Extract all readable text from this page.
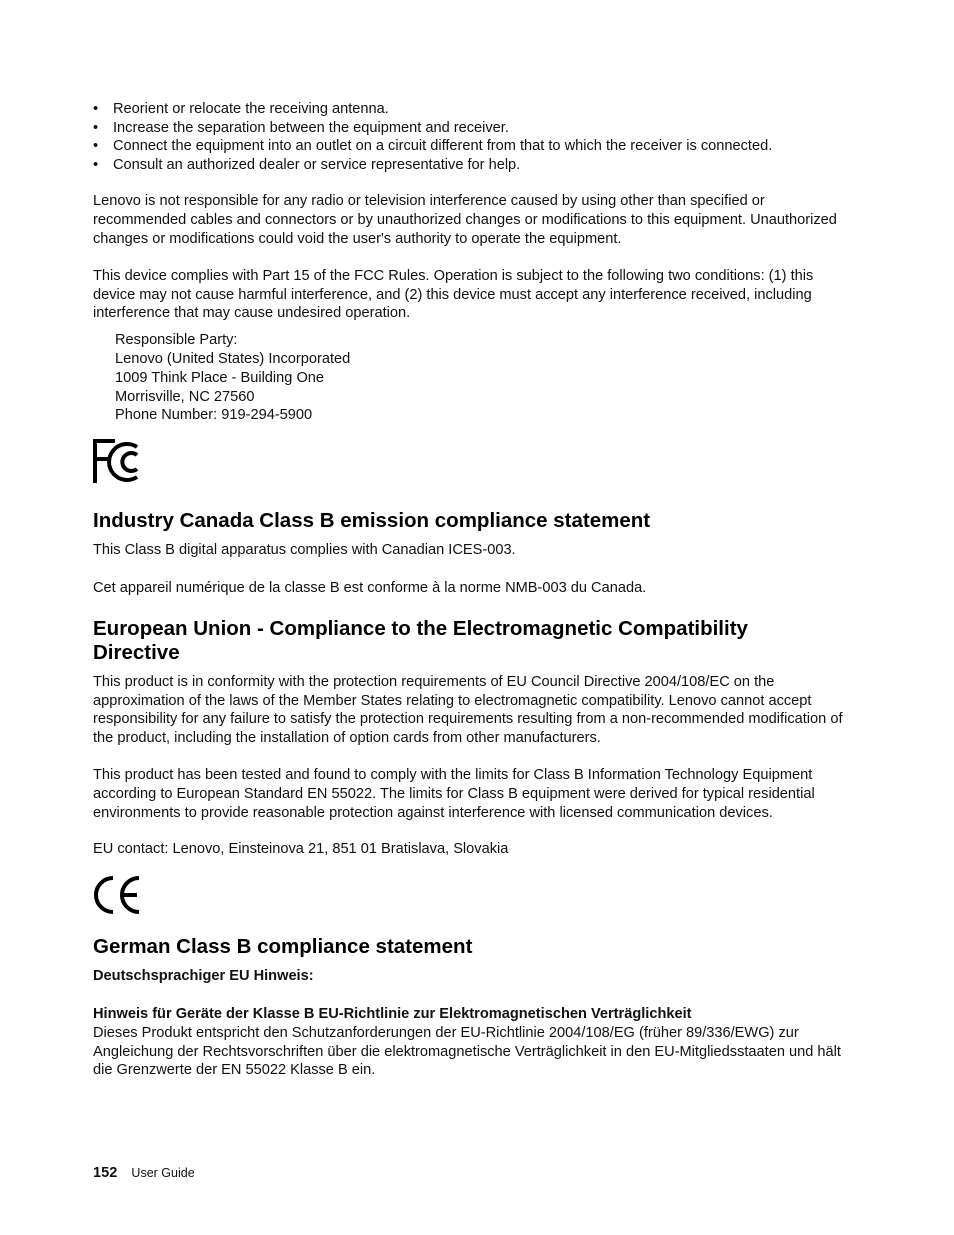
• Reorient or relocate the receiving antenna.
• Increase the separation between the equipment and receiver.
• Connect the equipment into an outlet on a circuit different from that to which the receiver is connected.
• Consult an authorized dealer or service representative for help.

Lenovo is not responsible for any radio or television interference caused by using other than specified or recommended cables and connectors or by unauthorized changes or modifications to this equipment. Unauthorized changes or modifications could void the user's authority to operate the equipment.

This device complies with Part 15 of the FCC Rules. Operation is subject to the following two conditions: (1) this device may not cause harmful interference, and (2) this device must accept any interference received, including interference that may cause undesired operation.

Responsible Party:
Lenovo (United States) Incorporated
1009 Think Place - Building One
Morrisville, NC 27560
Phone Number: 919-294-5900
Industry Canada Class B emission compliance statement

This Class B digital apparatus complies with Canadian ICES-003.

Cet appareil numérique de la classe B est conforme à la norme NMB-003 du Canada.

European Union - Compliance to the Electromagnetic Compatibility
Directive

This product is in conformity with the protection requirements of EU Council Directive 2004/108/EC on the approximation of the laws of the Member States relating to electromagnetic compatibility. Lenovo cannot accept responsibility for any failure to satisfy the protection requirements resulting from a non-recommended modification of the product, including the installation of option cards from other manufacturers.

This product has been tested and found to comply with the limits for Class B Information Technology Equipment according to European Standard EN 55022. The limits for Class B equipment were derived for typical residential environments to provide reasonable protection against interference with licensed communication devices.

EU contact: Lenovo, Einsteinova 21, 851 01 Bratislava, Slovakia

German Class B compliance statement

Deutschsprachiger EU Hinweis:

Hinweis für Geräte der Klasse B EU-Richtlinie zur Elektromagnetischen Verträglichkeit

Dieses Produkt entspricht den Schutzanforderungen der EU-Richtlinie 2004/108/EG (früher 89/336/EWG) zur Angleichung der Rechtsvorschriften über die elektromagnetische Verträglichkeit in den EU-Mitgliedsstaaten und hält die Grenzwerte der EN 55022 Klasse B ein.

152 User Guide
